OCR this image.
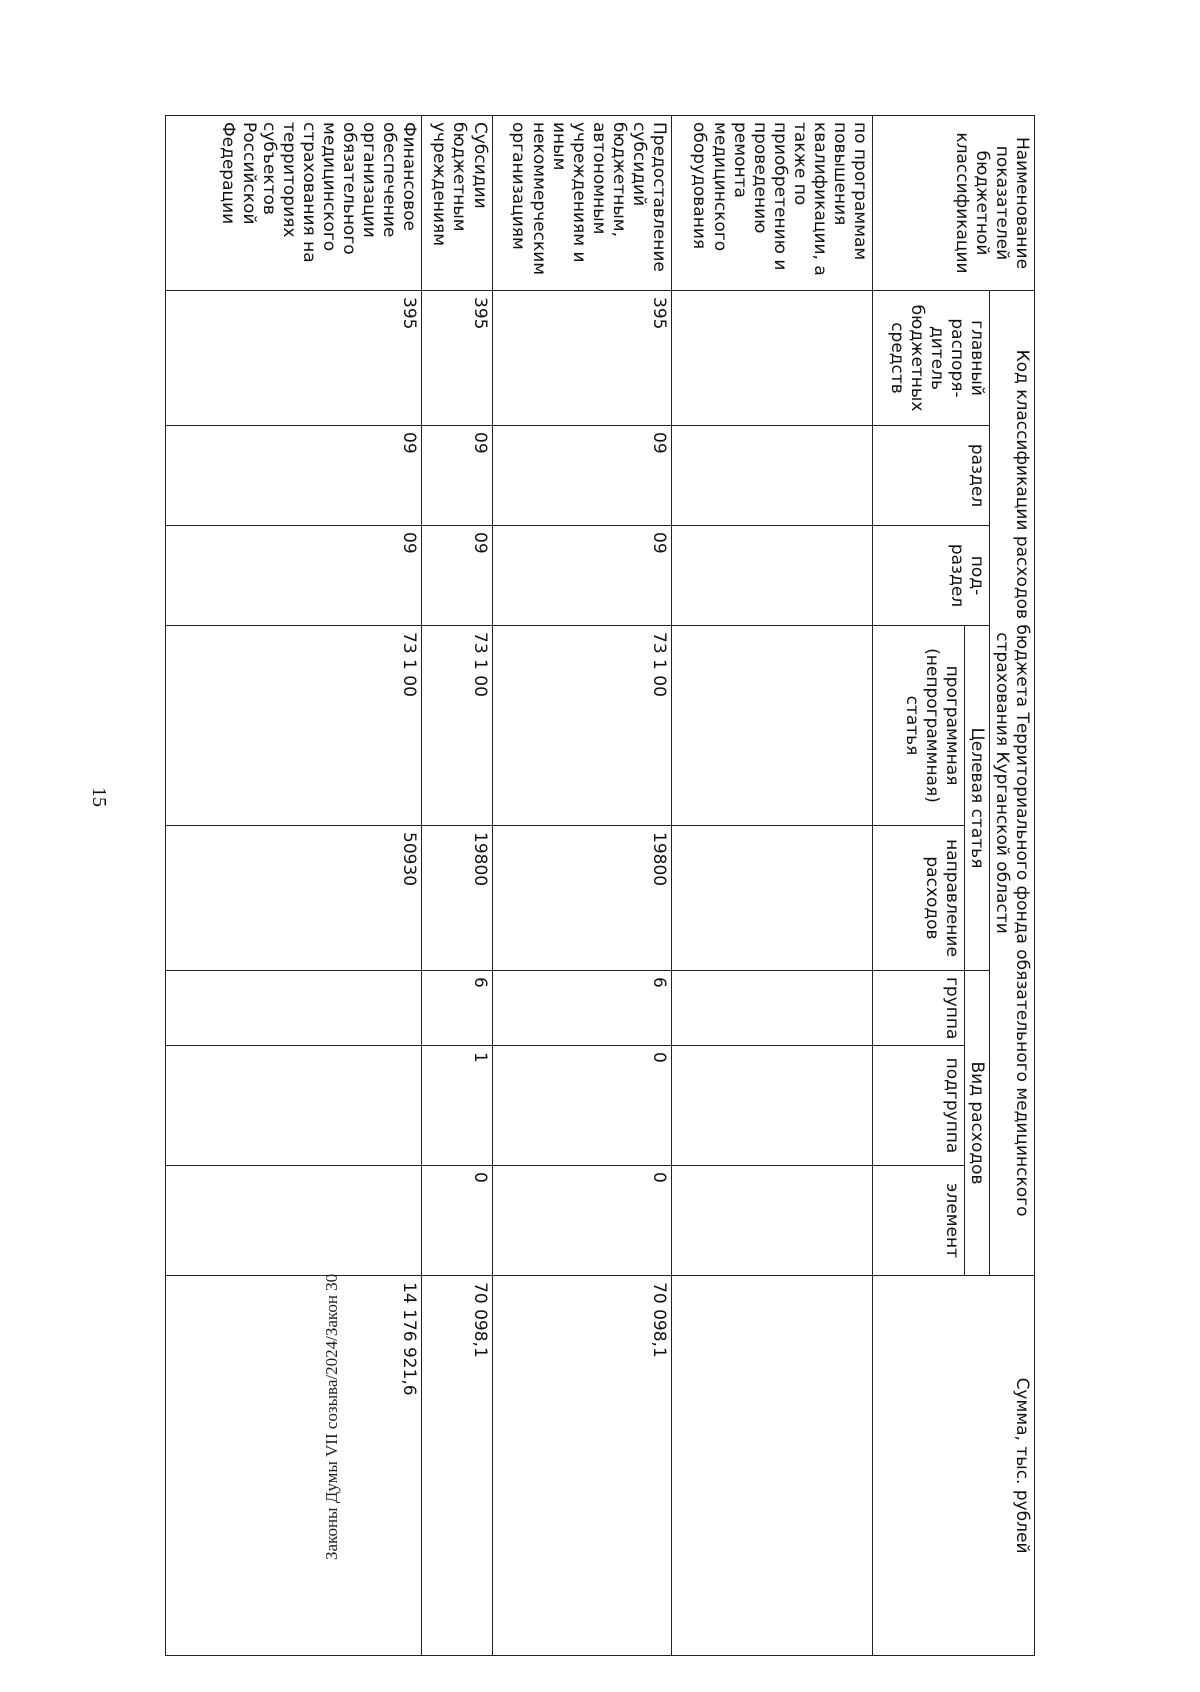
15
Законы Думы VII созыва/2024/Закон 30
Наименование показателей бюджетной классификации	Код классификации расходов бюджета Территориального фонда обязательного медицинского страхования Курганской области								Сумма, тыс. рублей
	главный распоря-дитель бюджетных средств	раздел	под-раздел	Целевая статья		Вид расходов			
				программная (непрограммная) статья	направление расходов	группа	подгруппа	элемент	

по программам повышения квалификации, а также по приобретению и проведению ремонта медицинского оборудования									
Предоставление субсидий бюджетным, автономным учреждениям и иным некоммерческим организациям	395	09	09	73 1 00	19800	6	0	0	70 098,1
Субсидии бюджетным учреждениям	395	09	09	73 1 00	19800	6	1	0	70 098,1
Финансовое обеспечение организации обязательного медицинского страхования на территориях субъектов Российской Федерации	395	09	09	73 1 00	50930				14 176 921,6
